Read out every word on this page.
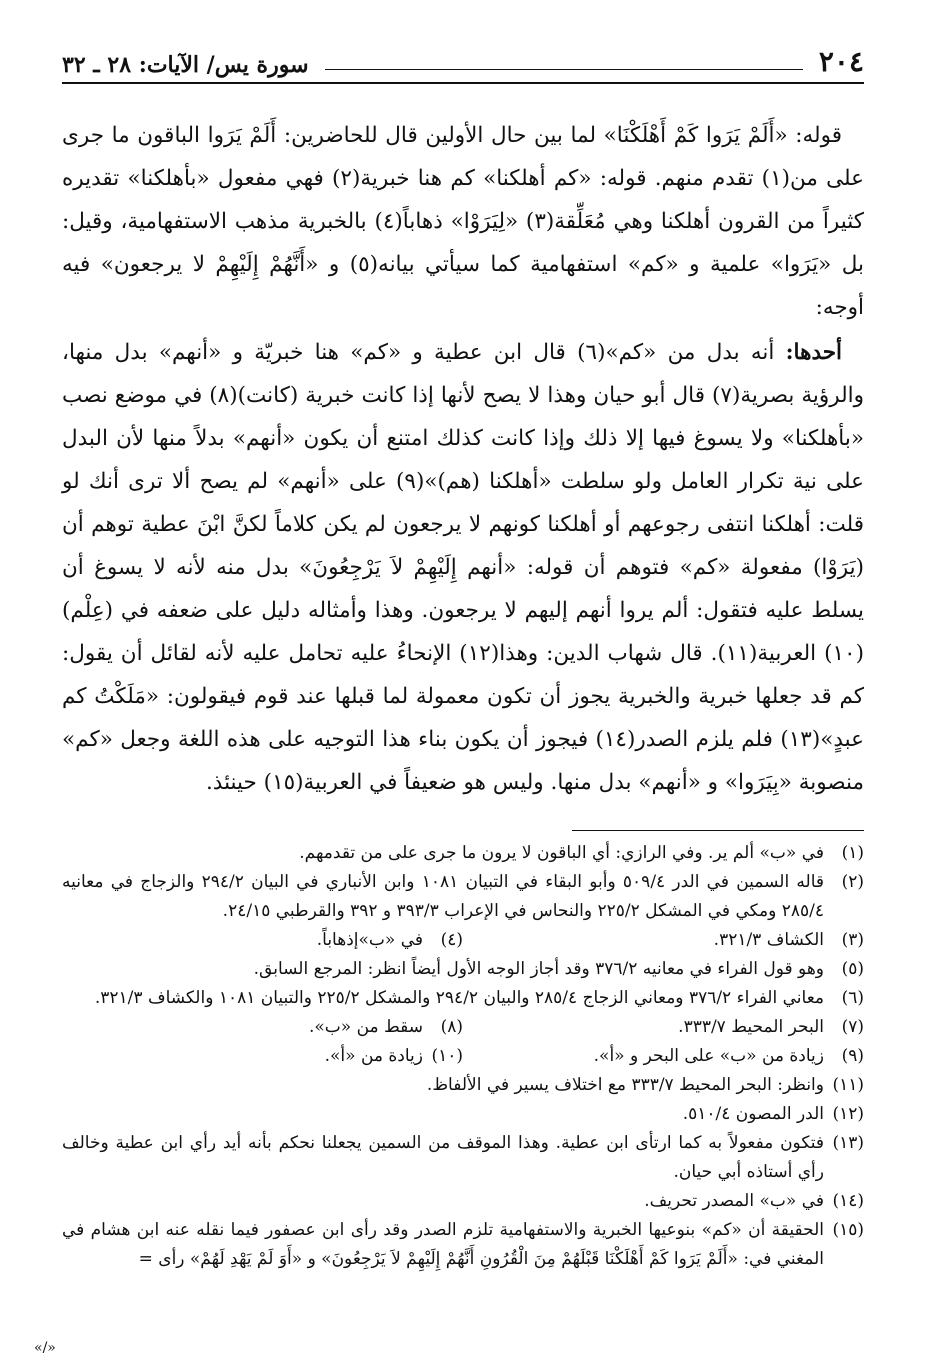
٢٠٤
سورة يس/ الآيات: ٢٨ ـ ٣٢

قوله: «أَلَمْ يَرَوا كَمْ أَهْلَكْنَا» لما بين حال الأولين قال للحاضرين: أَلَمْ يَرَوا الباقون ما جرى على من(١) تقدم منهم. قوله: «كم أهلكنا» كم هنا خبرية(٢) فهي مفعول «بأهلكنا» تقديره كثيراً من القرون أهلكنا وهي مُعَلِّقة(٣) «لِيَرَوْا» ذهاباً(٤) بالخبرية مذهب الاستفهامية، وقيل: بل «يَرَوا» علمية و «كم» استفهامية كما سيأتي بيانه(٥) و «أَنَّهُمْ إِلَيْهِمْ لا يرجعون» فيه أوجه:

أحدها: أنه بدل من «كم»(٦) قال ابن عطية و «كم» هنا خبريّة و «أنهم» بدل منها، والرؤية بصرية(٧) قال أبو حيان وهذا لا يصح لأنها إذا كانت خبرية (كانت)(٨) في موضع نصب «بأهلكنا» ولا يسوغ فيها إلا ذلك وإذا كانت كذلك امتنع أن يكون «أنهم» بدلاً منها لأن البدل على نية تكرار العامل ولو سلطت «أهلكنا (هم)»(٩) على «أنهم» لم يصح ألا ترى أنك لو قلت: أهلكنا انتفى رجوعهم أو أهلكنا كونهم لا يرجعون لم يكن كلاماً لكنَّ ابْنَ عطية توهم أن (يَرَوْا) مفعولة «كم» فتوهم أن قوله: «أنهم إِلَيْهِمْ لاَ يَرْجِعُونَ» بدل منه لأنه لا يسوغ أن يسلط عليه فتقول: ألم يروا أنهم إليهم لا يرجعون. وهذا وأمثاله دليل على ضعفه في (عِلْم)(١٠) العربية(١١). قال شهاب الدين: وهذا(١٢) الإنحاءُ عليه تحامل عليه لأنه لقائل أن يقول: كم قد جعلها خبرية والخبرية يجوز أن تكون معمولة لما قبلها عند قوم فيقولون: «مَلَكْتُ كم عبدٍ»(١٣) فلم يلزم الصدر(١٤) فيجوز أن يكون بناء هذا التوجيه على هذه اللغة وجعل «كم» منصوبة «بِيَرَوا» و «أنهم» بدل منها. وليس هو ضعيفاً في العربية(١٥) حينئذ.

(١)
في «ب» ألم ير. وفي الرازي: أي الباقون لا يرون ما جرى على من تقدمهم.
(٢)
قاله السمين في الدر ٥٠٩/٤ وأبو البقاء في التبيان ١٠٨١ وابن الأنباري في البيان ٢٩٤/٢ والزجاج في معانيه ٢٨٥/٤ ومكي في المشكل ٢٢٥/٢ والنحاس في الإعراب ٣٩٣/٣ و ٣٩٢ والقرطبي ٢٤/١٥.
(٣)
الكشاف ٣٢١/٣.
(٤)
في «ب»إذهاباً.
(٥)
وهو قول الفراء في معانيه ٣٧٦/٢ وقد أجاز الوجه الأول أيضاً انظر: المرجع السابق.
(٦)
معاني الفراء ٣٧٦/٢ ومعاني الزجاج ٢٨٥/٤ والبيان ٢٩٤/٢ والمشكل ٢٢٥/٢ والتبيان ١٠٨١ والكشاف ٣٢١/٣.
(٧)
البحر المحيط ٣٣٣/٧.
(٨)
سقط من «ب».
(٩)
زيادة من «ب» على البحر و «أ».
(١٠)
زيادة من «أ».
(١١)
وانظر: البحر المحيط ٣٣٣/٧ مع اختلاف يسير في الألفاظ.
(١٢)
الدر المصون ٥١٠/٤.
(١٣)
فتكون مفعولاً به كما ارتأى ابن عطية. وهذا الموقف من السمين يجعلنا نحكم بأنه أيد رأي ابن عطية وخالف رأي أستاذه أبي حيان.
(١٤)
في «ب» المصدر تحريف.
(١٥)
الحقيقة أن «كم» بنوعيها الخبرية والاستفهامية تلزم الصدر وقد رأى ابن عصفور فيما نقله عنه ابن هشام في المغني في: «أَلَمْ يَرَوا كَمْ أَهْلَكْنَا قَبْلَهُمْ مِنَ الْقُرُونِ أَنَّهُمْ إِلَيْهِمْ لاَ يَرْجِعُونَ» و «أَوَ لَمْ يَهْدِ لَهُمْ» رأى =
«/»
